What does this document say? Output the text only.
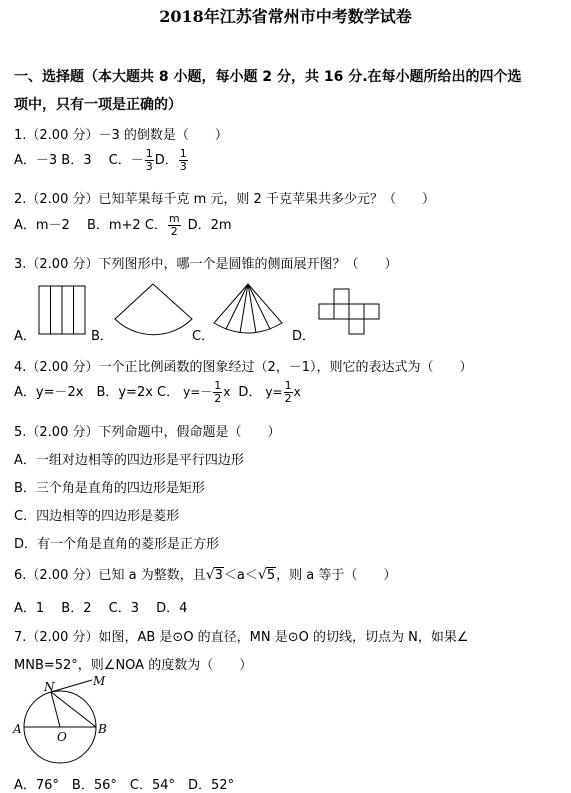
2018年江苏省常州市中考数学试卷
一、选择题（本大题共 8 小题，每小题 2 分，共 16 分.在每小题所给出的四个选
项中，只有一项是正确的）
1.（2.00 分）－3 的倒数是（　　）
A．－3 B．3　 C．－ $\frac{1}{3}$ D． $\frac{1}{3}$
2.（2.00 分）已知苹果每千克 m 元，则 2 千克苹果共多少元？（　　）
A．m－2　 B．m+2 C． $\frac{m}{2}$ D．2m
3.（2.00 分）下列图形中，哪一个是圆锥的侧面展开图？（　　）
A．	B．	C．	D．
4.（2.00 分）一个正比例函数的图象经过（2，－1），则它的表达式为（　　）
A．y=－2x　B．y=2x C． $y=- \frac{1}{2}$ x D． $y= \frac{1}{2}$ x
5.（2.00 分）下列命题中，假命题是（　　）
A．一组对边相等的四边形是平行四边形
B．三个角是直角的四边形是矩形
C．四边相等的四边形是菱形
D．有一个角是直角的菱形是正方形
6.（2.00 分）已知 a 为整数，且√3＜a＜√5，则 a 等于（　　）
A．1　 B．2　 C．3　 D．4
7.（2.00 分）如图，AB 是⊙O 的直径，MN 是⊙O 的切线，切点为 N，如果∠
MNB=52°，则∠NOA 的度数为（　　）
N	M
A	B
O
A．76°　B．56°　C．54°　D．52°
